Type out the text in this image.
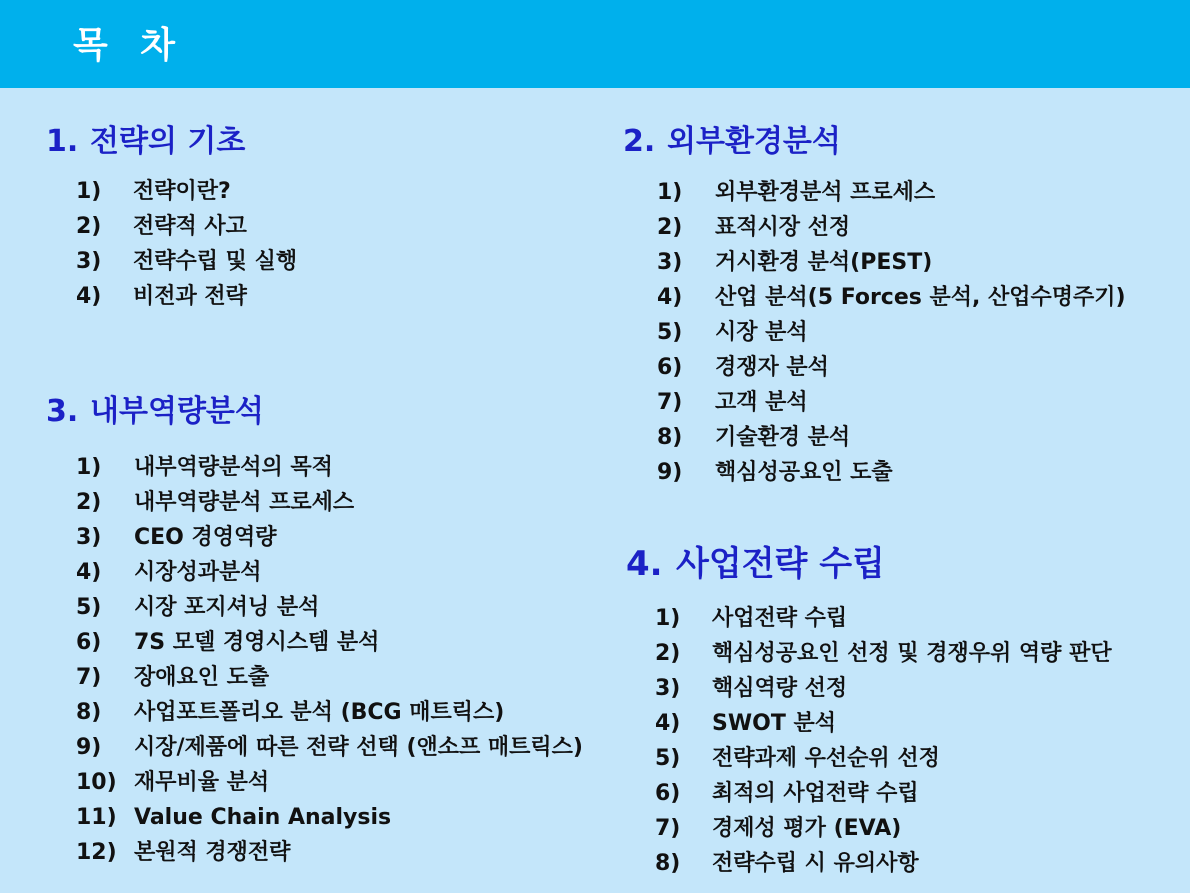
목 차
1. 전략의 기초
1) 전략이란?
2) 전략적 사고
3) 전략수립 및 실행
4) 비전과 전략
2. 외부환경분석
1) 외부환경분석 프로세스
2) 표적시장 선정
3) 거시환경 분석(PEST)
4) 산업 분석(5 Forces 분석, 산업수명주기)
5) 시장 분석
6) 경쟁자 분석
7) 고객 분석
8) 기술환경 분석
9) 핵심성공요인 도출
3. 내부역량분석
1) 내부역량분석의 목적
2) 내부역량분석 프로세스
3) CEO 경영역량
4) 시장성과분석
5) 시장 포지셔닝 분석
6) 7S 모델 경영시스템 분석
7) 장애요인 도출
8) 사업포트폴리오 분석 (BCG 매트릭스)
9) 시장/제품에 따른 전략 선택 (앤소프 매트릭스)
10) 재무비율 분석
11) Value Chain Analysis
12) 본원적 경쟁전략
4. 사업전략 수립
1) 사업전략 수립
2) 핵심성공요인 선정 및 경쟁우위 역량 판단
3) 핵심역량 선정
4) SWOT 분석
5) 전략과제 우선순위 선정
6) 최적의 사업전략 수립
7) 경제성 평가 (EVA)
8) 전략수립 시 유의사항
